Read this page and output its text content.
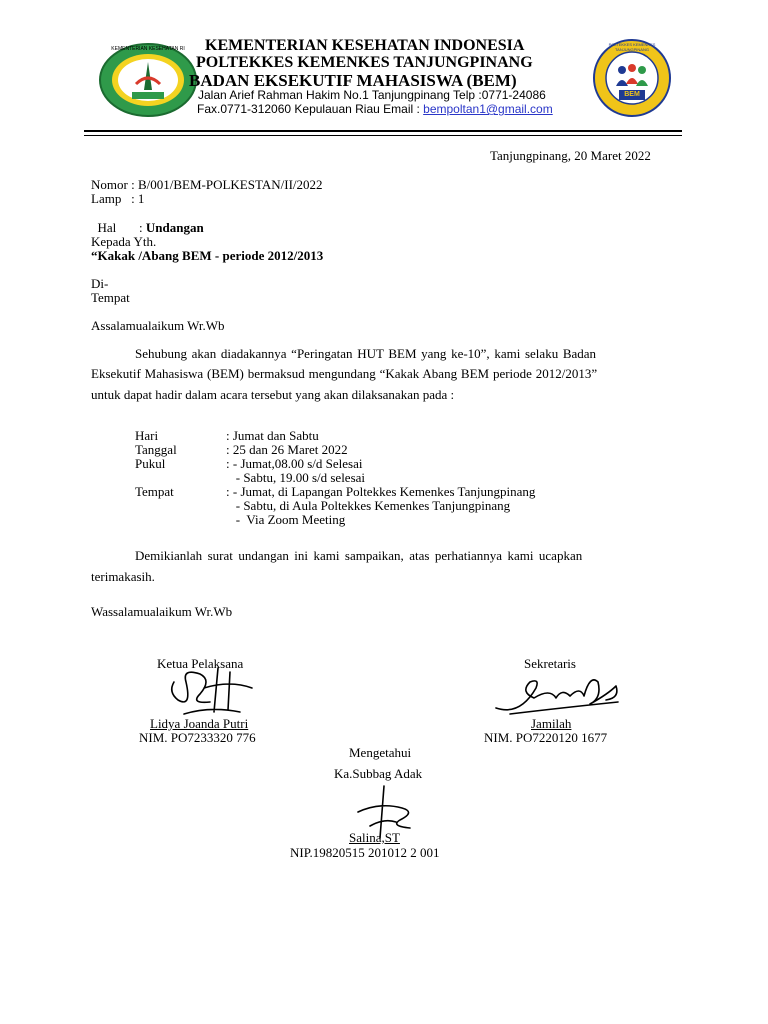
KEMENTERIAN KESEHATAN RI
BEM
POLTEKKES KEMENKES TANJUNGPINANG
KEMENTERIAN KESEHATAN INDONESIA
POLTEKKES KEMENKES TANJUNGPINANG
BADAN EKSEKUTIF MAHASISWA (BEM)
Jalan Arief Rahman Hakim No.1 Tanjungpinang Telp :0771-24086
Fax.0771-312060 Kepulauan Riau Email : bempoltan1@gmail.com
Tanjungpinang, 20 Maret 2022
Nomor : B/001/BEM-POLKESTAN/II/2022
Lamp   : 1

Hal       : Undangan

Kepada Yth.
“Kakak /Abang BEM - periode 2012/2013
Di-
Tempat
Assalamualaikum Wr.Wb
Sehubung akan diadakannya “Peringatan HUT BEM yang ke-10”, kami selaku Badan
Eksekutif Mahasiswa (BEM) bermaksud mengundang “Kakak Abang BEM periode 2012/2013”
untuk dapat hadir dalam acara tersebut yang akan dilaksanakan pada :
Hari	: Jumat dan Sabtu
Tanggal	: 25 dan 26 Maret 2022
Pukul	: - Jumat,08.00 s/d Selesai
- Sabtu, 19.00 s/d selesai
Tempat	: - Jumat, di Lapangan Poltekkes Kemenkes Tanjungpinang
- Sabtu, di Aula Poltekkes Kemenkes Tanjungpinang
-  Via Zoom Meeting
Demikianlah surat undangan ini kami sampaikan, atas perhatiannya kami ucapkan
terimakasih.
Wassalamualaikum Wr.Wb
Ketua Pelaksana
Lidya Joanda Putri
NIM. PO7233320 776
Sekretaris
Jamilah
NIM. PO7220120 1677
Mengetahui
Ka.Subbag Adak
Salina,ST
NIP.19820515 201012 2 001
